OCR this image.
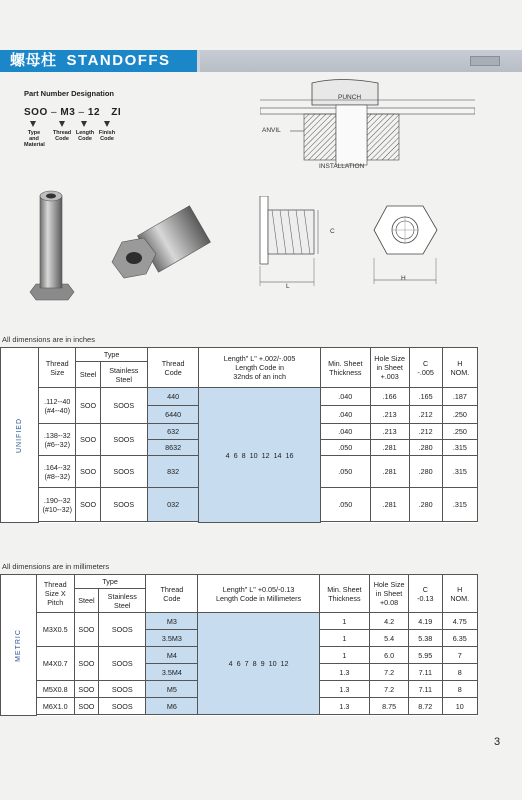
螺母柱 STANDOFFS
Part Number Designation
SOO – M3 – 12 ZI
Type
and
Material
Thread
Code
Length
Code
Finish
Code
PUNCH
ANVIL
INSTALLATION
C
L
H
All dimensions are in inches
UNIFIED	Thread
Size	Type		Thread
Code	Length" L" +.002/-.005
Length Code in
32nds of an inch	Min. Sheet
Thickness	Hole Size
in Sheet
+.003	C
-.005	H
NOM.
		Steel	Stainless
Steel						
	.112--40
(#4--40)	SOO	SOOS	440	4  6  8  10  12  14  16	.040	.166	.165	.187
				6440		.040	.213	.212	.250
	.138--32
(#6--32)	SOO	SOOS	632		.040	.213	.212	.250
				8632		.050	.281	.280	.315
	.164--32
(#8--32)	SOO	SOOS	832		.050	.281	.280	.315
	.190--32
(#10--32)	SOO	SOOS	032		.050	.281	.280	.315

All dimensions are in millimeters
METRIC	Thread
Size X
Pitch	Type		Thread
Code	Length" L" +0.05/-0.13
Length Code in Millimeters	Min. Sheet
Thickness	Hole Size
in Sheet
+0.08	C
-0.13	H
NOM.
		Steel	Stainless
Steel						
	M3X0.5	SOO	SOOS	M3	4  6  7  8  9  10  12	1	4.2	4.19	4.75
				3.5M3		1	5.4	5.38	6.35
	M4X0.7	SOO	SOOS	M4		1	6.0	5.95	7
				3.5M4		1.3	7.2	7.11	8
	M5X0.8	SOO	SOOS	M5		1.3	7.2	7.11	8
	M6X1.0	SOO	SOOS	M6		1.3	8.75	8.72	10

3
